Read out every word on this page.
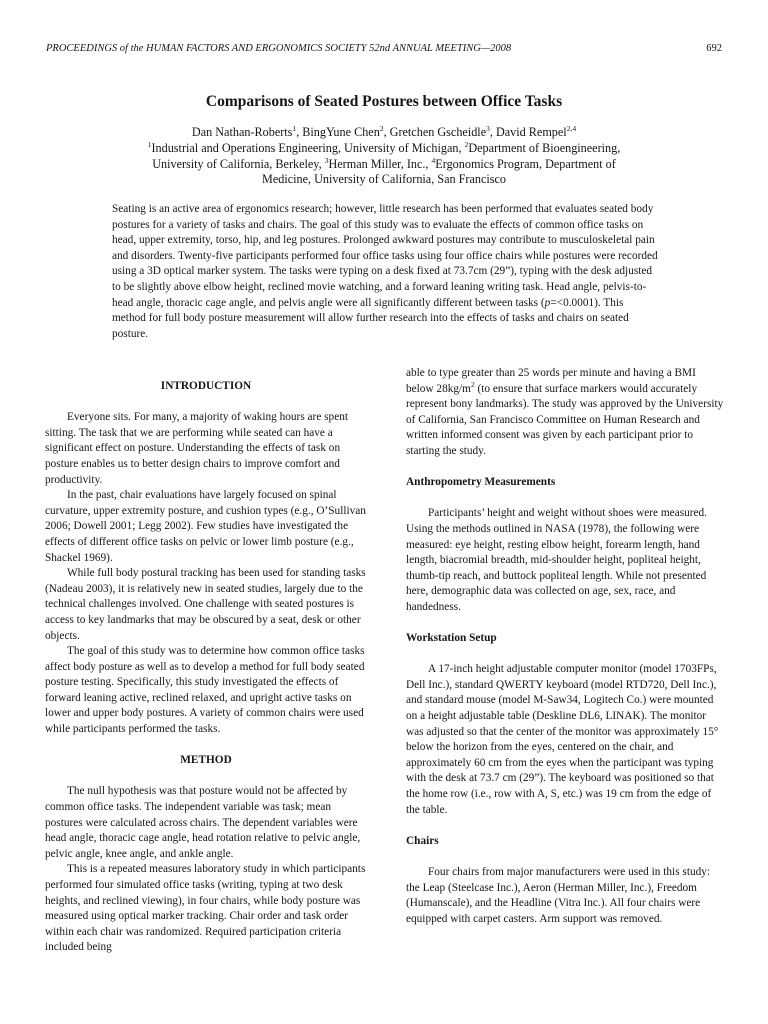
PROCEEDINGS of the HUMAN FACTORS AND ERGONOMICS SOCIETY 52nd ANNUAL MEETING—2008	692
Comparisons of Seated Postures between Office Tasks
Dan Nathan-Roberts$^1$, BingYune Chen$^2$, Gretchen Gscheidle$^3$, David Rempel$^{2,4}$
$^1$Industrial and Operations Engineering, University of Michigan, $^2$Department of Bioengineering,
University of California, Berkeley, $^3$Herman Miller, Inc., $^4$Ergonomics Program, Department of
Medicine, University of California, San Francisco

Seating is an active area of ergonomics research; however, little research has been performed that evaluates seated body postures for a variety of tasks and chairs. The goal of this study was to evaluate the effects of common office tasks on head, upper extremity, torso, hip, and leg postures. Prolonged awkward postures may contribute to musculoskeletal pain and disorders. Twenty-five participants performed four office tasks using four office chairs while postures were recorded using a 3D optical marker system. The tasks were typing on a desk fixed at 73.7cm (29”), typing with the desk adjusted to be slightly above elbow height, reclined movie watching, and a forward leaning writing task. Head angle, pelvis-to-head angle, thoracic cage angle, and pelvis angle were all significantly different between tasks (p=<0.0001). This method for full body posture measurement will allow further research into the effects of tasks and chairs on seated posture.

INTRODUCTION

Everyone sits. For many, a majority of waking hours are spent sitting. The task that we are performing while seated can have a significant effect on posture. Understanding the effects of task on posture enables us to better design chairs to improve comfort and productivity.

In the past, chair evaluations have largely focused on spinal curvature, upper extremity posture, and cushion types (e.g., O’Sullivan 2006; Dowell 2001; Legg 2002). Few studies have investigated the effects of different office tasks on pelvic or lower limb posture (e.g., Shackel 1969).

While full body postural tracking has been used for standing tasks (Nadeau 2003), it is relatively new in seated studies, largely due to the technical challenges involved. One challenge with seated postures is access to key landmarks that may be obscured by a seat, desk or other objects.

The goal of this study was to determine how common office tasks affect body posture as well as to develop a method for full body seated posture testing. Specifically, this study investigated the effects of forward leaning active, reclined relaxed, and upright active tasks on lower and upper body postures. A variety of common chairs were used while participants performed the tasks.

METHOD

The null hypothesis was that posture would not be affected by common office tasks. The independent variable was task; mean postures were calculated across chairs. The dependent variables were head angle, thoracic cage angle, head rotation relative to pelvic angle, pelvic angle, knee angle, and ankle angle.

This is a repeated measures laboratory study in which participants performed four simulated office tasks (writing, typing at two desk heights, and reclined viewing), in four chairs, while body posture was measured using optical marker tracking. Chair order and task order within each chair was randomized. Required participation criteria included being

able to type greater than 25 words per minute and having a BMI below $28kg/m^2$ (to ensure that surface markers would accurately represent bony landmarks). The study was approved by the University of California, San Francisco Committee on Human Research and written informed consent was given by each participant prior to starting the study.

Anthropometry Measurements

Participants’ height and weight without shoes were measured. Using the methods outlined in NASA (1978), the following were measured: eye height, resting elbow height, forearm length, hand length, biacromial breadth, mid-shoulder height, popliteal height, thumb-tip reach, and buttock popliteal length. While not presented here, demographic data was collected on age, sex, race, and handedness.

Workstation Setup

A 17-inch height adjustable computer monitor (model 1703FPs, Dell Inc.), standard QWERTY keyboard (model RTD720, Dell Inc.), and standard mouse (model M-Saw34, Logitech Co.) were mounted on a height adjustable table (Deskline DL6, LINAK). The monitor was adjusted so that the center of the monitor was approximately 15° below the horizon from the eyes, centered on the chair, and approximately 60 cm from the eyes when the participant was typing with the desk at 73.7 cm (29”). The keyboard was positioned so that the home row (i.e., row with A, S, etc.) was 19 cm from the edge of the table.

Chairs

Four chairs from major manufacturers were used in this study: the Leap (Steelcase Inc.), Aeron (Herman Miller, Inc.), Freedom (Humanscale), and the Headline (Vitra Inc.). All four chairs were equipped with carpet casters. Arm support was removed.
